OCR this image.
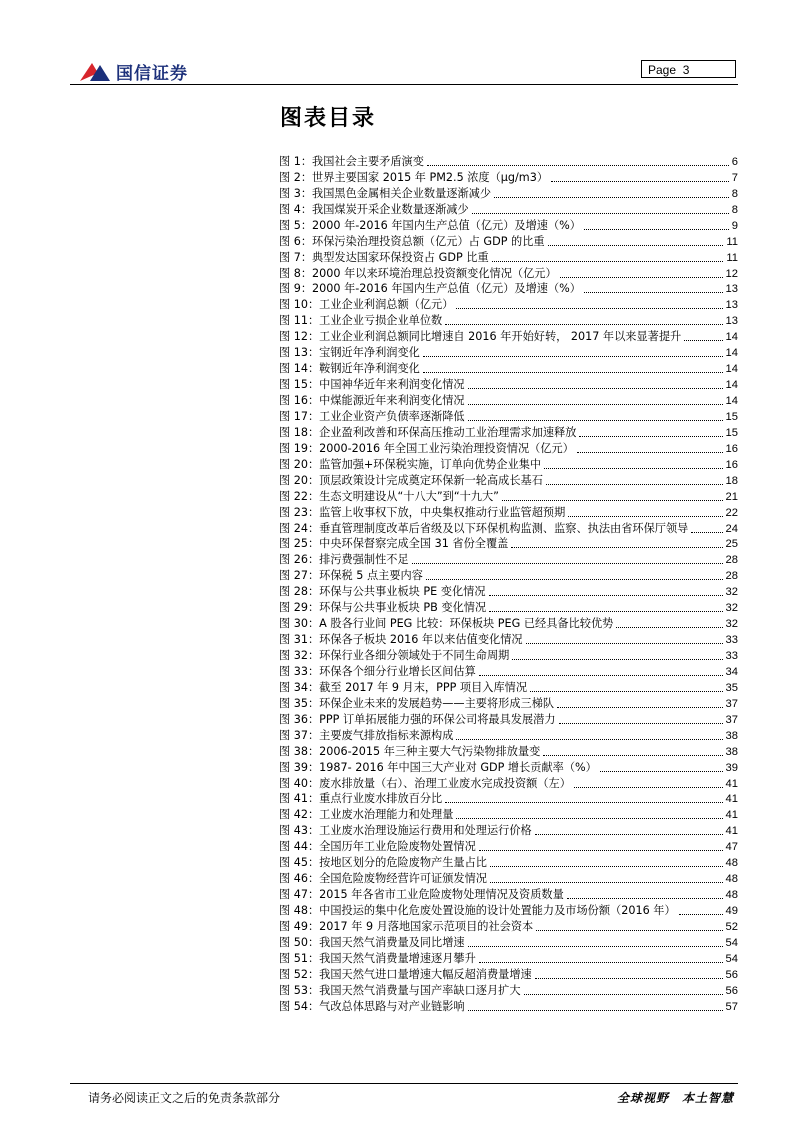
国信证券	Page 3
图表目录
图 1：我国社会主要矛盾演变	6
图 2：世界主要国家 2015 年 PM2.5 浓度（µg/m3）	7
图 3：我国黑色金属相关企业数量逐渐减少	8
图 4：我国煤炭开采企业数量逐渐减少	8
图 5：2000 年-2016 年国内生产总值（亿元）及增速（%）	9
图 6：环保污染治理投资总额（亿元）占 GDP 的比重	11
图 7：典型发达国家环保投资占 GDP 比重	11
图 8：2000 年以来环境治理总投资额变化情况（亿元）	12
图 9：2000 年-2016 年国内生产总值（亿元）及增速（%）	13
图 10：工业企业利润总额（亿元）	13
图 11：工业企业亏损企业单位数	13
图 12：工业企业利润总额同比增速自 2016 年开始好转， 2017 年以来显著提升	14
图 13：宝钢近年净利润变化	14
图 14：鞍钢近年净利润变化	14
图 15：中国神华近年来利润变化情况	14
图 16：中煤能源近年来利润变化情况	14
图 17：工业企业资产负债率逐渐降低	15
图 18：企业盈利改善和环保高压推动工业治理需求加速释放	15
图 19：2000-2016 年全国工业污染治理投资情况（亿元）	16
图 20：监管加强+环保税实施，订单向优势企业集中	16
图 20：顶层政策设计完成奠定环保新一轮高成长基石	18
图 22：生态文明建设从“十八大”到“十九大”	21
图 23：监管上收事权下放，中央集权推动行业监管超预期	22
图 24：垂直管理制度改革后省级及以下环保机构监测、监察、执法由省环保厅领导	24
图 25：中央环保督察完成全国 31 省份全覆盖	25
图 26：排污费强制性不足	28
图 27：环保税 5 点主要内容	28
图 28：环保与公共事业板块 PE 变化情况	32
图 29：环保与公共事业板块 PB 变化情况	32
图 30：A 股各行业间 PEG 比较：环保板块 PEG 已经具备比较优势	32
图 31：环保各子板块 2016 年以来估值变化情况	33
图 32：环保行业各细分领域处于不同生命周期	33
图 33：环保各个细分行业增长区间估算	34
图 34：截至 2017 年 9 月末，PPP 项目入库情况	35
图 35：环保企业未来的发展趋势——主要将形成三梯队	37
图 36：PPP 订单拓展能力强的环保公司将最具发展潜力	37
图 37：主要废气排放指标来源构成	38
图 38：2006-2015 年三种主要大气污染物排放量变	38
图 39：1987- 2016 年中国三大产业对 GDP 增长贡献率（%）	39
图 40：废水排放量（右）、治理工业废水完成投资额（左）	41
图 41：重点行业废水排放百分比	41
图 42：工业废水治理能力和处理量	41
图 43：工业废水治理设施运行费用和处理运行价格	41
图 44：全国历年工业危险废物处置情况	47
图 45：按地区划分的危险废物产生量占比	48
图 46：全国危险废物经营许可证颁发情况	48
图 47：2015 年各省市工业危险废物处理情况及资质数量	48
图 48：中国投运的集中化危废处置设施的设计处置能力及市场份额（2016 年）	49
图 49：2017 年 9 月落地国家示范项目的社会资本	52
图 50：我国天然气消费量及同比增速	54
图 51：我国天然气消费量增速逐月攀升	54
图 52：我国天然气进口量增速大幅反超消费量增速	56
图 53：我国天然气消费量与国产率缺口逐月扩大	56
图 54：气改总体思路与对产业链影响	57
请务必阅读正文之后的免责条款部分	全球视野　本土智慧
